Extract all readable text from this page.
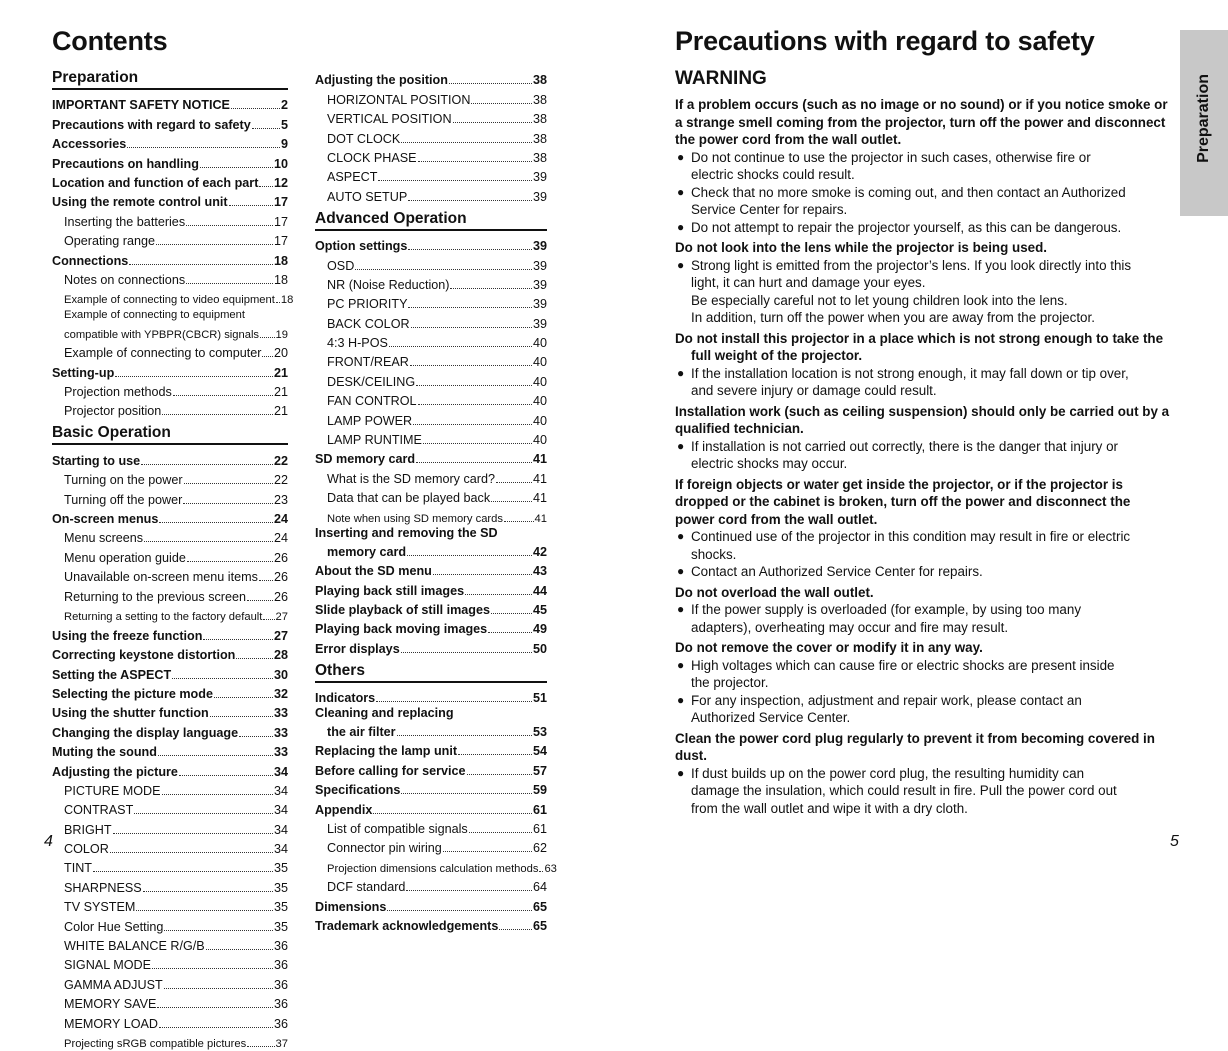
Contents
Preparation
IMPORTANT SAFETY NOTICE	2
Precautions with regard to safety 5
Accessories	9
Precautions on handling	10
Location and function of each part 12
Using the remote control unit	17
Inserting the batteries	17
Operating range	17
Connections	18
Notes on connections	18
Example of connecting to video equipment 18
Example of connecting to equipment
compatible with YPBPR(CBCR) signals 19
Example of connecting to computer 20
Setting-up	21
Projection methods	21
Projector position	21
Basic Operation
Starting to use	22
Turning on the power	22
Turning off the power	23
On-screen menus	24
Menu screens	24
Menu operation guide	26
Unavailable on-screen menu items 26
Returning to the previous screen 26
Returning a setting to the factory default 27
Using the freeze function	27
Correcting keystone distortion	28
Setting the ASPECT	30
Selecting the picture mode	32
Using the shutter function	33
Changing the display language	33
Muting the sound	33
Adjusting the picture	34
PICTURE MODE	34
CONTRAST	34
BRIGHT	34
COLOR	34
TINT	35
SHARPNESS	35
TV SYSTEM	35
Color Hue Setting	35
WHITE BALANCE R/G/B	36
SIGNAL MODE	36
GAMMA ADJUST	36
MEMORY SAVE	36
MEMORY LOAD	36
Projecting sRGB compatible pictures	37
Adjusting the position	38
HORIZONTAL POSITION	38
VERTICAL POSITION	38
DOT CLOCK	38
CLOCK PHASE	38
ASPECT	39
AUTO SETUP	39
Advanced Operation
Option settings	39
OSD	39
NR (Noise Reduction)	39
PC PRIORITY	39
BACK COLOR	39
4:3 H-POS	40
FRONT/REAR	40
DESK/CEILING	40
FAN CONTROL	40
LAMP POWER	40
LAMP RUNTIME	40
SD memory card	41
What is the SD memory card?	41
Data that can be played back	41
Note when using SD memory cards	41
Inserting and removing the SD
memory card	42
About the SD menu	43
Playing back still images	44
Slide playback of still images	45
Playing back moving images	49
Error displays	50
Others
Indicators	51
Cleaning and replacing
the air filter	53
Replacing the lamp unit	54
Before calling for service	57
Specifications	59
Appendix	61
List of compatible signals	61
Connector pin wiring	62
Projection dimensions calculation methods 63
DCF standard	64
Dimensions	65
Trademark acknowledgements	65
4
Precautions with regard to safety
WARNING
If a problem occurs (such as no image or no sound) or if you notice smoke or a strange smell coming from the projector, turn off the power and disconnect the power cord from the wall outlet.
● Do not continue to use the projector in such cases, otherwise fire or
electric shocks could result.
● Check that no more smoke is coming out, and then contact an Authorized
Service Center for repairs.
● Do not attempt to repair the projector yourself, as this can be dangerous.
Do not look into the lens while the projector is being used.
● Strong light is emitted from the projector’s lens. If you look directly into this
light, it can hurt and damage your eyes.
Be especially careful not to let young children look into the lens.
In addition, turn off the power when you are away from the projector.
Do not install this projector in a place which is not strong enough to take the full weight of the projector.
● If the installation location is not strong enough, it may fall down or tip over,
and severe injury or damage could result.
Installation work (such as ceiling suspension) should only be carried out by a qualified technician.
● If installation is not carried out correctly, there is the danger that injury or
electric shocks may occur.
If foreign objects or water get inside the projector, or if the projector is dropped or the cabinet is broken, turn off the power and disconnect the power cord from the wall outlet.
● Continued use of the projector in this condition may result in fire or electric
shocks.
● Contact an Authorized Service Center for repairs.
Do not overload the wall outlet.
● If the power supply is overloaded (for example, by using too many
adapters), overheating may occur and fire may result.
Do not remove the cover or modify it in any way.
● High voltages which can cause fire or electric shocks are present inside
the projector.
● For any inspection, adjustment and repair work, please contact an
Authorized Service Center.
Clean the power cord plug regularly to prevent it from becoming covered in dust.
● If dust builds up on the power cord plug, the resulting humidity can
damage the insulation, which could result in fire. Pull the power cord out
from the wall outlet and wipe it with a dry cloth.
Preparation
5
